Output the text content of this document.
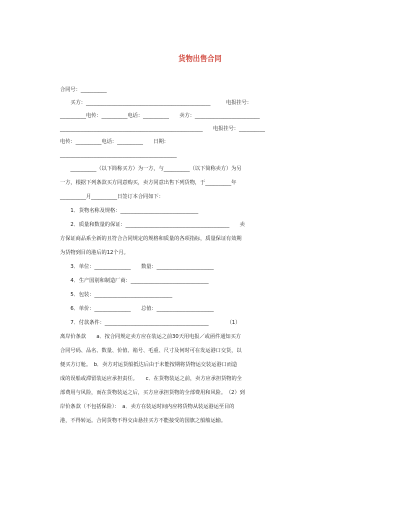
货物出售合同
合同号：__________
　　买方：________________________________________________　　　电报挂号：
__________电传：__________电话：__________　　卖方：_________________________
_______________________________________________________　　电报挂号：__________
电传：__________电话：__________　　日期：
_____________________________________________
　　__________（以下简称买方）为一方，与__________（以下简称卖方）为另
一方，根据下列条款买方同意购买，卖方同意出售下列货物，于__________年
__________月__________日签订本合同如下：
　　1．货物名称及规格：______________________________
　　2．质量和数量的保证：________________________________________　　卖
方保证商品系全新的且符合合同规定的规格和质量的各项指标，质量保证有效期
为货物到目的港后的12个月。
　　3．单位：______________　　数量：______________________
　　4．生产国别和制造厂商：______________________________
　　5．包装：______________________________
　　6．单价：______________　　总值：______________________
　　7．付款条件：________________________________________　　　　（1）
离岸价条款　　a．按合同规定卖方应在装运之前30天用电报／或函件通知买方
合同号码、品名、数量、价值、箱号、毛重、尺寸及何时可在发运港口交货，以
便买方订舱。　b．卖方对运货船抵达后由于未能按期将货物运交装运港口而造
成的误船或滞留装运应承担责任。　　c．在货物装运之前，卖方应承担货物的全
部费用与风险，而在货物装运之后，买方应承担货物的全部费用和风险。　（2）到
岸价条款（不包括保险）：　a．卖方在装运时间内应将货物从装运港运至目的
港，不得转运。合同货物不得交由悬挂买方不能接受的国旗之船舶运输。
